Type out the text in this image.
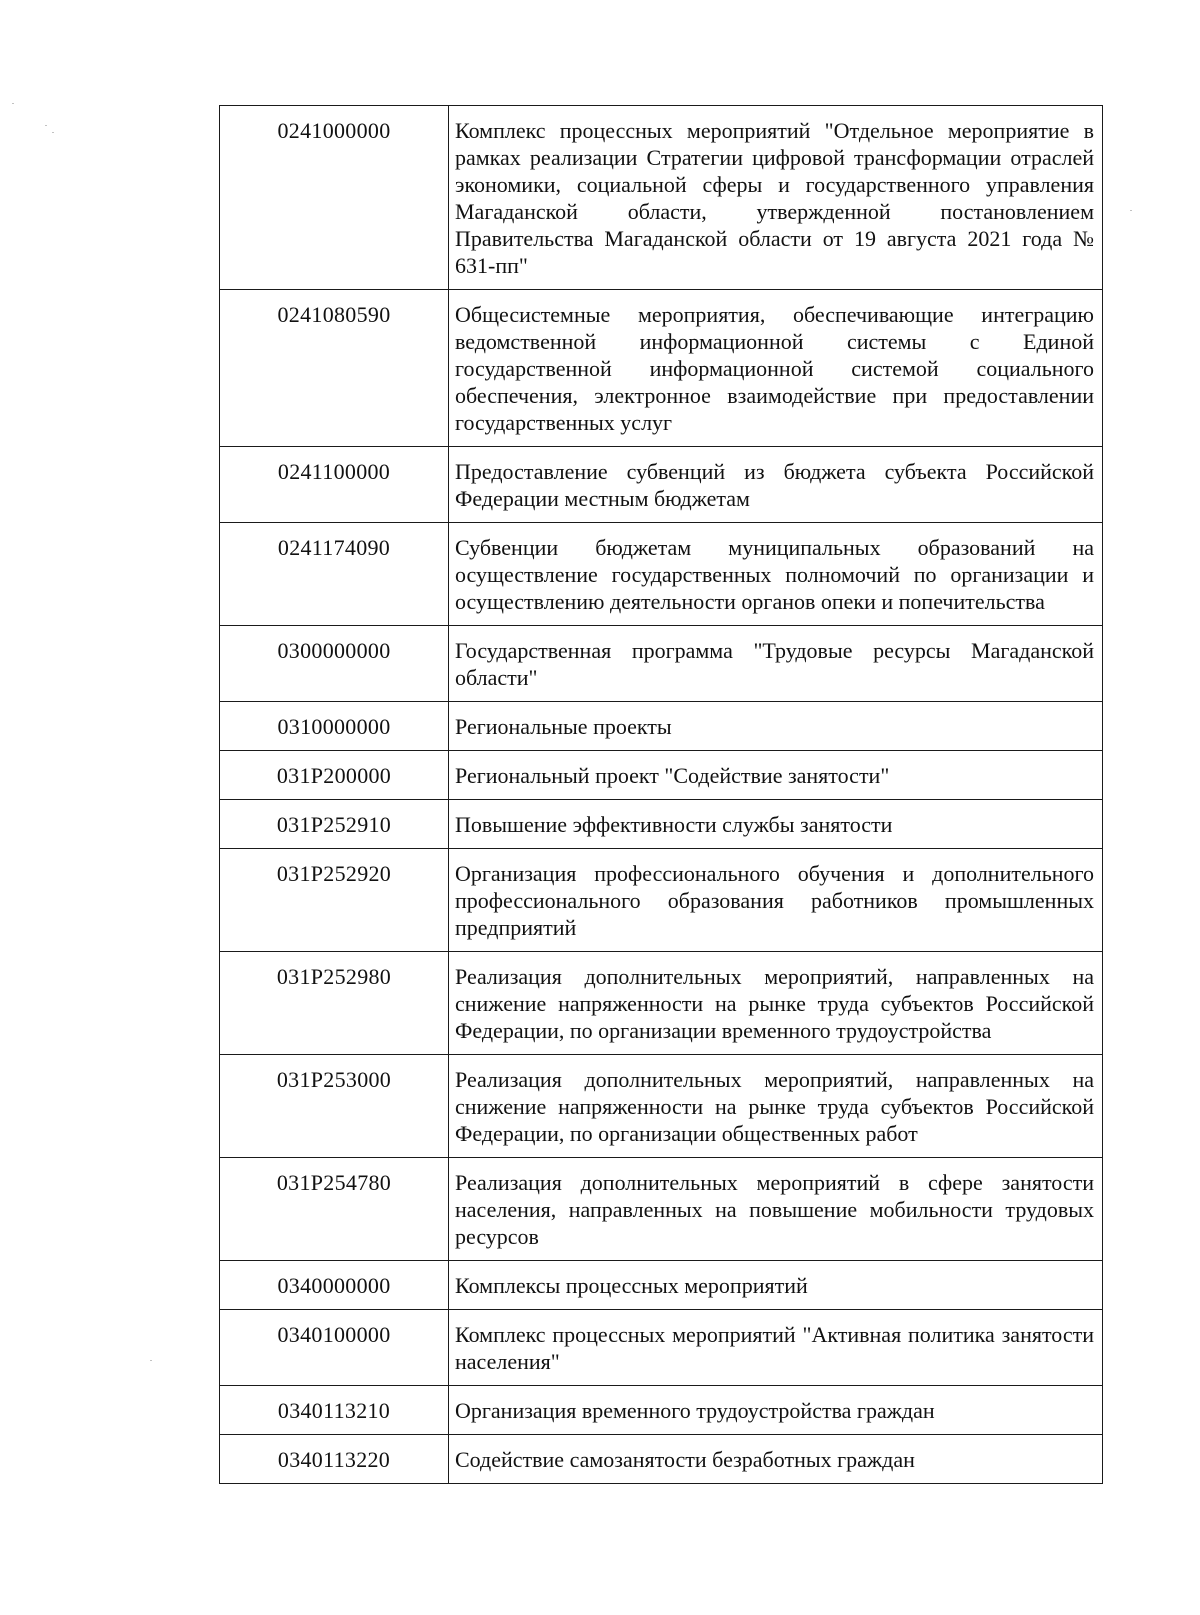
0241000000	Комплекс процессных мероприятий "Отдельное мероприятие в рамках реализации Стратегии цифровой трансформации отраслей экономики, социальной сферы и государственного управления Магаданской области, утвержденной постановлением Правительства Магаданской области от 19 августа 2021 года № 631-пп"

0241080590	Общесистемные мероприятия, обеспечивающие интеграцию ведомственной информационной системы с Единой государственной информационной системой социального обеспечения, электронное взаимодействие при предоставлении государственных услуг

0241100000	Предоставление субвенций из бюджета субъекта Российской Федерации местным бюджетам

0241174090	Субвенции бюджетам муниципальных образований на осуществление государственных полномочий по организации и осуществлению деятельности органов опеки и попечительства

0300000000	Государственная программа "Трудовые ресурсы Магаданской области"

0310000000	Региональные проекты

031P200000	Региональный проект "Содействие занятости"

031P252910	Повышение эффективности службы занятости

031P252920	Организация профессионального обучения и дополнительного профессионального образования работников промышленных предприятий

031P252980	Реализация дополнительных мероприятий, направленных на снижение напряженности на рынке труда субъектов Российской Федерации, по организации временного трудоустройства

031P253000	Реализация дополнительных мероприятий, направленных на снижение напряженности на рынке труда субъектов Российской Федерации, по организации общественных работ

031P254780	Реализация дополнительных мероприятий в сфере занятости населения, направленных на повышение мобильности трудовых ресурсов

0340000000	Комплексы процессных мероприятий

0340100000	Комплекс процессных мероприятий "Активная политика занятости населения"

0340113210	Организация временного трудоустройства граждан

0340113220	Содействие самозанятости безработных граждан
